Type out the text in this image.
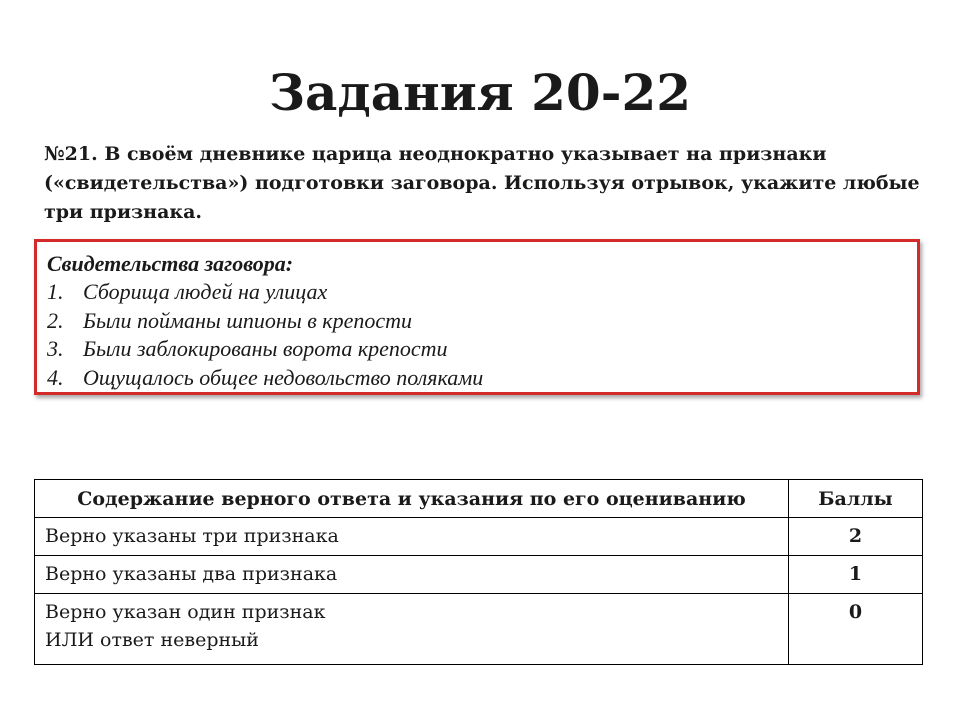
Задания 20-22

№21. В своём дневнике царица неоднократно указывает на признаки («свидетельства») подготовки заговора. Используя отрывок, укажите любые три признака.

Свидетельства заговора:
1. Сборища людей на улицах
2. Были пойманы шпионы в крепости
3. Были заблокированы ворота крепости
4. Ощущалось общее недовольство поляками
Содержание верного ответа и указания по его оцениванию	Баллы
Верно указаны три признака	2
Верно указаны два признака	1
Верно указан один признак
ИЛИ ответ неверный	0
